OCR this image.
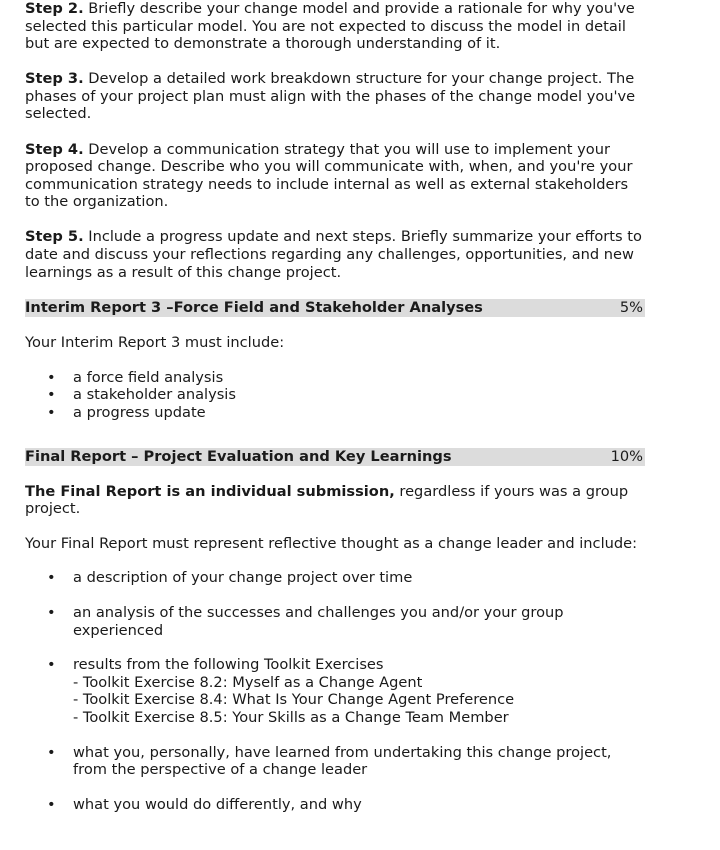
Step 2. Briefly describe your change model and provide a rationale for why you've selected this particular model. You are not expected to discuss the model in detail but are expected to demonstrate a thorough understanding of it.

Step 3. Develop a detailed work breakdown structure for your change project. The phases of your project plan must align with the phases of the change model you've selected.

Step 4. Develop a communication strategy that you will use to implement your proposed change. Describe who you will communicate with, when, and you're your communication strategy needs to include internal as well as external stakeholders to the organization.

Step 5. Include a progress update and next steps. Briefly summarize your efforts to date and discuss your reflections regarding any challenges, opportunities, and new learnings as a result of this change project.

Interim Report 3 –Force Field and Stakeholder Analyses	5%

Your Interim Report 3 must include:

• a force field analysis
• a stakeholder analysis
• a progress update
Final Report – Project Evaluation and Key Learnings	10%

The Final Report is an individual submission, regardless if yours was a group project.

Your Final Report must represent reflective thought as a change leader and include:

• a description of your change project over time
• an analysis of the successes and challenges you and/or your group experienced
• results from the following Toolkit Exercises
- Toolkit Exercise 8.2: Myself as a Change Agent
- Toolkit Exercise 8.4: What Is Your Change Agent Preference
- Toolkit Exercise 8.5: Your Skills as a Change Team Member
• what you, personally, have learned from undertaking this change project, from the perspective of a change leader
• what you would do differently, and why
